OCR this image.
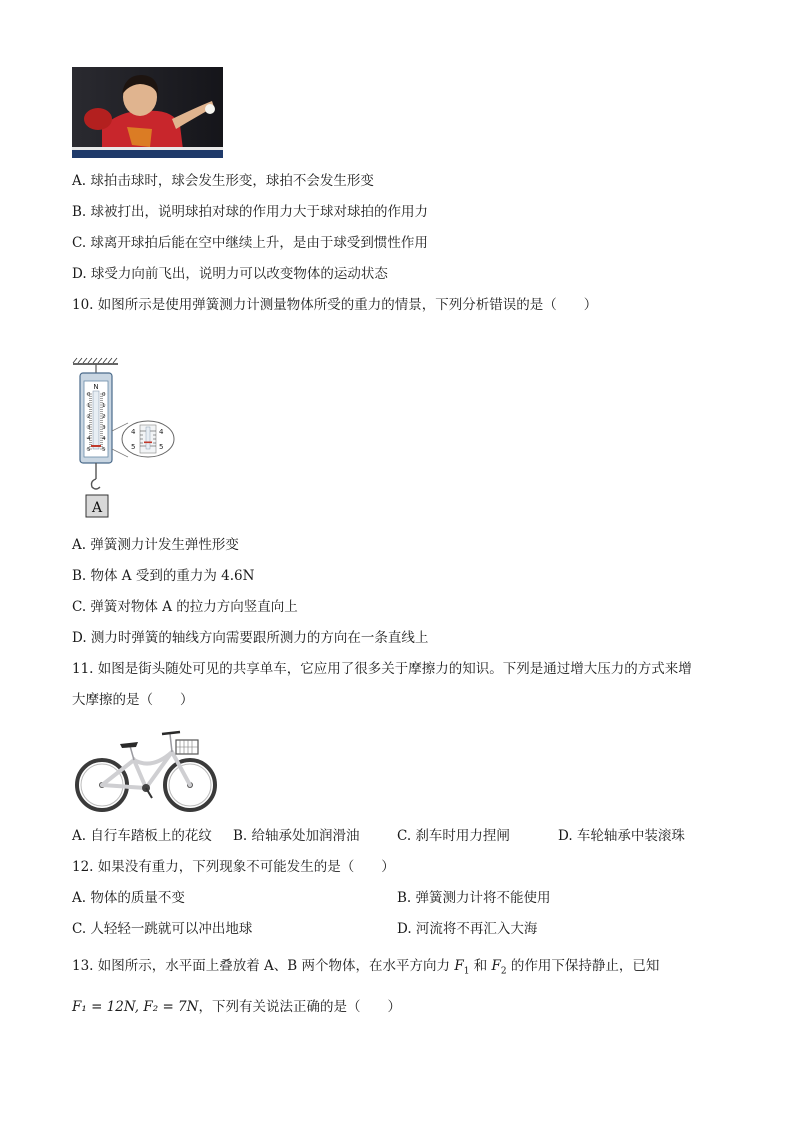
A. 球拍击球时，球会发生形变，球拍不会发生形变
B. 球被打出，说明球拍对球的作用力大于球对球拍的作用力
C. 球离开球拍后能在空中继续上升，是由于球受到惯性作用
D. 球受力向前飞出，说明力可以改变物体的运动状态
10. 如图所示是使用弹簧测力计测量物体所受的重力的情景，下列分析错误的是（　　）
N
0
1
2
3
4
5
0
1
2
3
4
5
4	4
5	5
A
A. 弹簧测力计发生弹性形变
B. 物体 A 受到的重力为 4.6N
C. 弹簧对物体 A 的拉力方向竖直向上
D. 测力时弹簧的轴线方向需要跟所测力的方向在一条直线上
11. 如图是街头随处可见的共享单车，它应用了很多关于摩擦力的知识。下列是通过增大压力的方式来增
大摩擦的是（　　）
A. 自行车踏板上的花纹 B. 给轴承处加润滑油	C. 刹车时用力捏闸	D. 车轮轴承中装滚珠
12. 如果没有重力，下列现象不可能发生的是（　　）
A. 物体的质量不变	B. 弹簧测力计将不能使用
C. 人轻轻一跳就可以冲出地球	D. 河流将不再汇入大海
13. 如图所示，水平面上叠放着 A、B 两个物体，在水平方向力 $F_1$ 和 $F_2$ 的作用下保持静止，已知
F₁ = 12N, F₂ = 7N，下列有关说法正确的是（　　）
